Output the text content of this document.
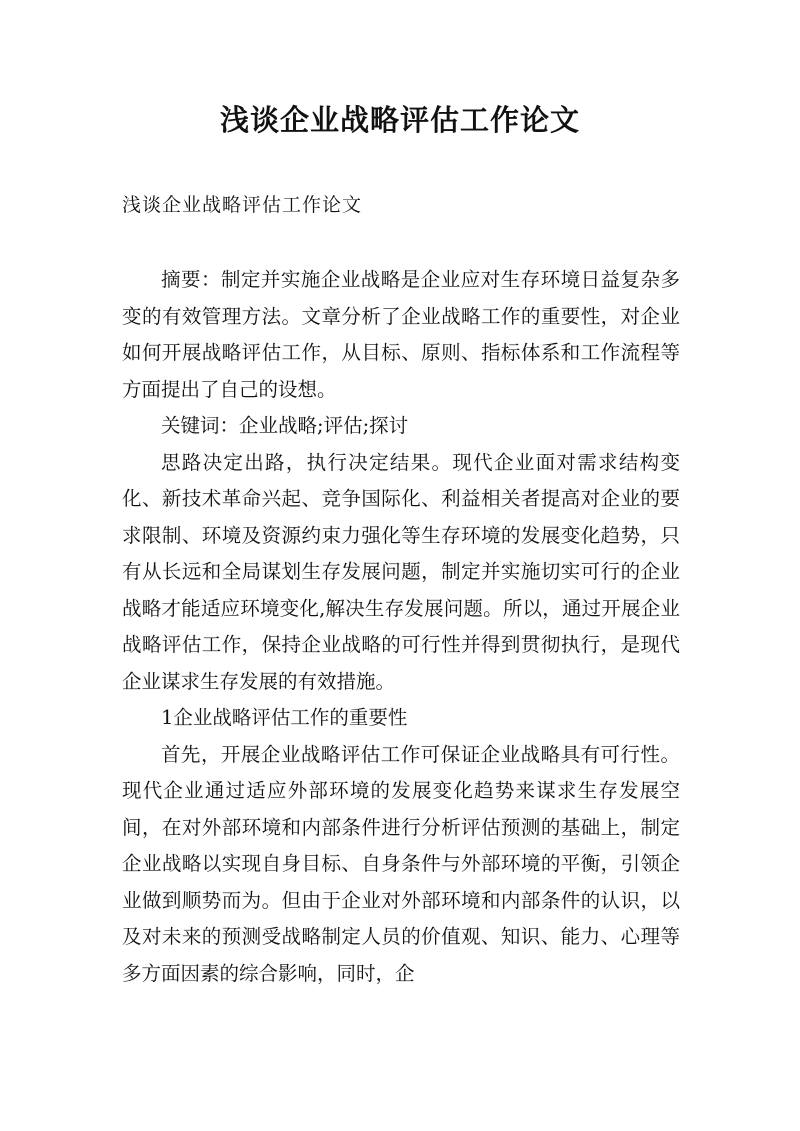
浅谈企业战略评估工作论文
浅谈企业战略评估工作论文

摘要：制定并实施企业战略是企业应对生存环境日益复杂多变的有效管理方法。文章分析了企业战略工作的重要性，对企业如何开展战略评估工作，从目标、原则、指标体系和工作流程等方面提出了自己的设想。

关键词：企业战略;评估;探讨

思路决定出路，执行决定结果。现代企业面对需求结构变化、新技术革命兴起、竞争国际化、利益相关者提高对企业的要求限制、环境及资源约束力强化等生存环境的发展变化趋势，只有从长远和全局谋划生存发展问题，制定并实施切实可行的企业战略才能适应环境变化,解决生存发展问题。所以，通过开展企业战略评估工作，保持企业战略的可行性并得到贯彻执行，是现代企业谋求生存发展的有效措施。

1企业战略评估工作的重要性

首先，开展企业战略评估工作可保证企业战略具有可行性。现代企业通过适应外部环境的发展变化趋势来谋求生存发展空间，在对外部环境和内部条件进行分析评估预测的基础上，制定企业战略以实现自身目标、自身条件与外部环境的平衡，引领企业做到顺势而为。但由于企业对外部环境和内部条件的认识，以及对未来的预测受战略制定人员的价值观、知识、能力、心理等多方面因素的综合影响，同时，企
